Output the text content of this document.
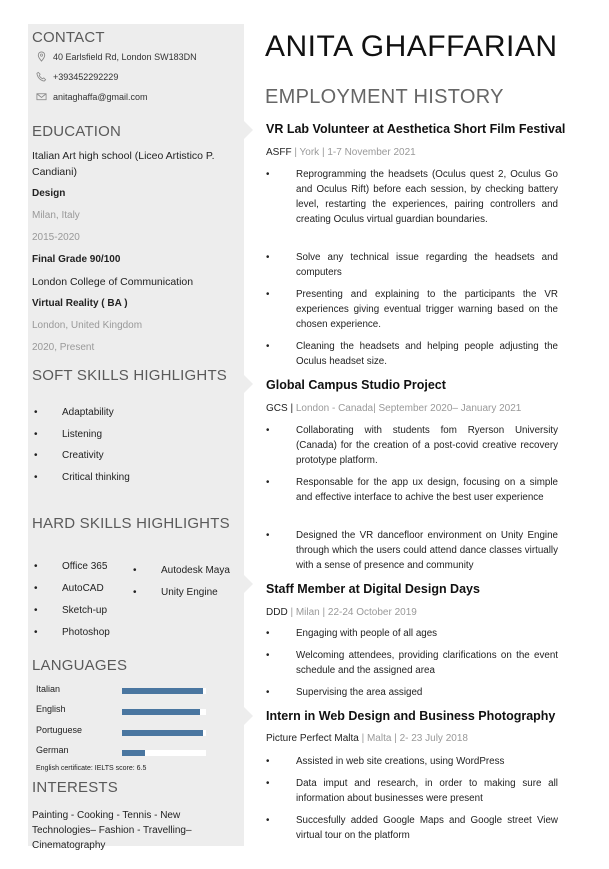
CONTACT
40 Earlsfield Rd, London SW183DN
+393452292229
anitaghaffa@gmail.com
EDUCATION
Italian Art high school (Liceo Artistico P. Candiani)
Design
Milan, Italy
2015-2020
Final Grade 90/100
London College of Communication
Virtual Reality ( BA )
London, United Kingdom
2020, Present
SOFT SKILLS HIGHLIGHTS
Adaptability
Listening
Creativity
Critical thinking
HARD SKILLS HIGHLIGHTS
Office 365
AutoCAD
Sketch-up
Photoshop
Autodesk Maya
Unity Engine
LANGUAGES
Italian
English
Portuguese
German
English certificate: IELTS score: 6.5
INTERESTS
Painting - Cooking - Tennis - New Technologies– Fashion - Travelling– Cinematography
ANITA GHAFFARIAN
EMPLOYMENT HISTORY
VR Lab Volunteer at Aesthetica Short Film Festival
ASFF | York | 1-7 November 2021
• Reprogramming the headsets (Oculus quest 2, Oculus Go and Oculus Rift) before each session, by checking battery level, restarting the experiences, pairing controllers and creating Oculus virtual guardian boundaries.
• Solve any technical issue regarding the headsets and computers
• Presenting and explaining to the participants the VR experiences giving eventual trigger warning based on the chosen experience.
• Cleaning the headsets and helping people adjusting the Oculus headset size.
Global Campus Studio Project
GCS | London - Canada| September 2020– January 2021
• Collaborating with students fom Ryerson University (Canada) for the creation of a post-covid creative recovery prototype platform.
• Responsable for the app ux design, focusing on a simple and effective interface to achive the best user experience
• Designed the VR dancefloor environment on Unity Engine through which the users could attend dance classes virtually with a sense of presence and community
Staff Member at Digital Design Days
DDD | Milan | 22-24 October 2019
• Engaging with people of all ages
• Welcoming attendees, providing clarifications on the event schedule and the assigned area
• Supervising the area assiged
Intern in Web Design and Business Photography
Picture Perfect Malta | Malta | 2- 23 July 2018
• Assisted in web site creations, using WordPress
• Data imput and research, in order to making sure all information about businesses were present
• Succesfully added Google Maps and Google street View virtual tour on the platform
